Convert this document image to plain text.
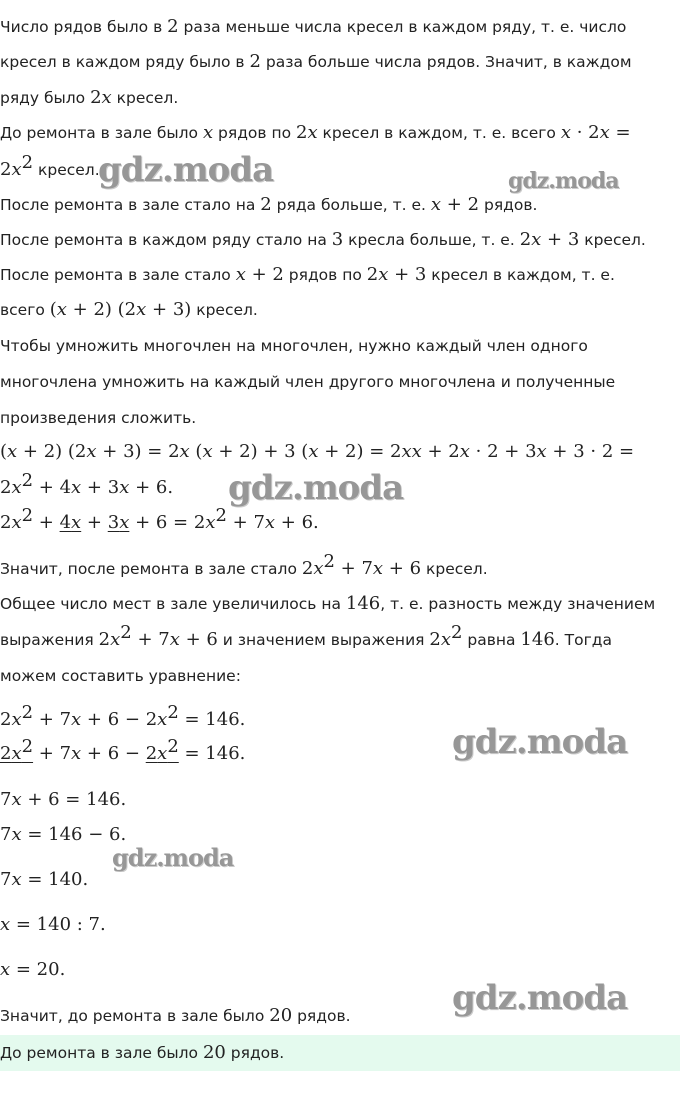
Число рядов было в 2 раза меньше числа кресел в каждом ряду, т. е. число
кресел в каждом ряду было в 2 раза больше числа рядов. Значит, в каждом
ряду было 2x кресел.
До ремонта в зале было x рядов по 2x кресел в каждом, т. е. всего x · 2x =
$2x^2$ кресел.
После ремонта в зале стало на 2 ряда больше, т. е. x + 2 рядов.
После ремонта в каждом ряду стало на 3 кресла больше, т. е. 2x + 3 кресел.
После ремонта в зале стало x + 2 рядов по 2x + 3 кресел в каждом, т. е.
всего (x + 2) (2x + 3) кресел.
Чтобы умножить многочлен на многочлен, нужно каждый член одного
многочлена умножить на каждый член другого многочлена и полученные
произведения сложить.
(x + 2) (2x + 3) = 2x (x + 2) + 3 (x + 2) = 2xx + 2x · 2 + 3x + 3 · 2 =
$2x^2 + 4x + 3x + 6$.
$2x^2 + 4x + 3x + 6 = 2x^2 + 7x + 6$.
Значит, после ремонта в зале стало $2x^2 + 7x + 6$ кресел.
Общее число мест в зале увеличилось на 146, т. е. разность между значением
выражения $2x^2 + 7x + 6$ и значением выражения $2x^2$ равна 146. Тогда
можем составить уравнение:
$2x^2 + 7x + 6 - 2x^2 = 146$.
$2x^2 + 7x + 6 - 2x^2 = 146$.
7x + 6 = 146.
7x = 146 − 6.
7x = 140.
x = 140 : 7.
x = 20.
Значит, до ремонта в зале было 20 рядов.
До ремонта в зале было 20 рядов.
gdz.moda	gdz.moda
gdz.moda
gdz.moda
gdz.moda
gdz.moda
